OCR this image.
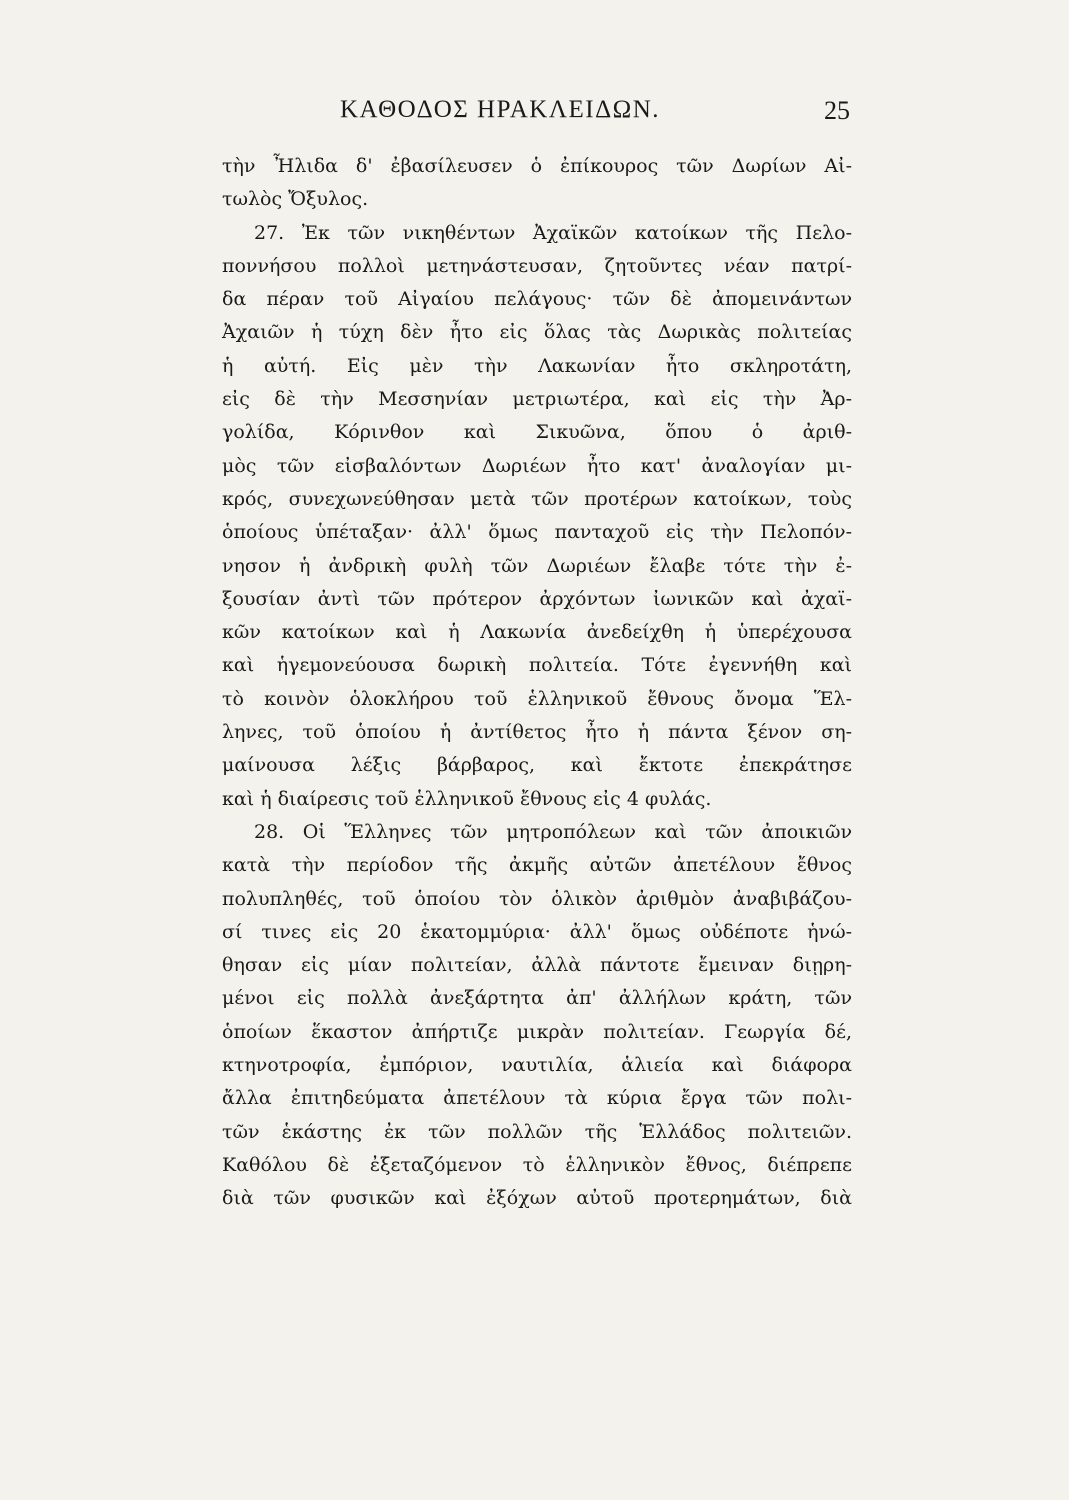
ΚΑΘΟΔΟΣ ΗΡΑΚΛΕΙΔΩΝ.	25
τὴν Ἦλιδα δ' ἐβασίλευσεν ὁ ἐπίκουρος τῶν Δωρίων Αἰ-
τωλὸς Ὄξυλος.
27. Ἐκ τῶν νικηθέντων Ἀχαϊκῶν κατοίκων τῆς Πελο-
ποννήσου πολλοὶ μετηνάστευσαν, ζητοῦντες νέαν πατρί-
δα πέραν τοῦ Αἰγαίου πελάγους· τῶν δὲ ἀπομεινάντων
Ἀχαιῶν ἡ τύχη δὲν ἦτο εἰς ὅλας τὰς Δωρικὰς πολιτείας
ἡ αὐτή. Εἰς μὲν τὴν Λακωνίαν ἦτο σκληροτάτη,
εἰς δὲ τὴν Μεσσηνίαν μετριωτέρα, καὶ εἰς τὴν Ἀρ-
γολίδα, Κόρινθον καὶ Σικυῶνα, ὅπου ὁ ἀριθ-
μὸς τῶν εἰσβαλόντων Δωριέων ἦτο κατ' ἀναλογίαν μι-
κρός, συνεχωνεύθησαν μετὰ τῶν προτέρων κατοίκων, τοὺς
ὁποίους ὑπέταξαν· ἀλλ' ὅμως πανταχοῦ εἰς τὴν Πελοπόν-
νησον ἡ ἀνδρικὴ φυλὴ τῶν Δωριέων ἔλαβε τότε τὴν ἐ-
ξουσίαν ἀντὶ τῶν πρότερον ἀρχόντων ἰωνικῶν καὶ ἀχαϊ-
κῶν κατοίκων καὶ ἡ Λακωνία ἀνεδείχθη ἡ ὑπερέχουσα
καὶ ἡγεμονεύουσα δωρικὴ πολιτεία. Τότε ἐγεννήθη καὶ
τὸ κοινὸν ὁλοκλήρου τοῦ ἑλληνικοῦ ἔθνους ὄνομα Ἕλ-
ληνες, τοῦ ὁποίου ἡ ἀντίθετος ἦτο ἡ πάντα ξένον ση-
μαίνουσα λέξις βάρβαρος, καὶ ἔκτοτε ἐπεκράτησε
καὶ ἡ διαίρεσις τοῦ ἑλληνικοῦ ἔθνους εἰς 4 φυλάς.
28. Οἱ Ἕλληνες τῶν μητροπόλεων καὶ τῶν ἀποικιῶν
κατὰ τὴν περίοδον τῆς ἀκμῆς αὐτῶν ἀπετέλουν ἔθνος
πολυπληθές, τοῦ ὁποίου τὸν ὁλικὸν ἀριθμὸν ἀναβιβάζου-
σί τινες εἰς 20 ἑκατομμύρια· ἀλλ' ὅμως οὐδέποτε ἡνώ-
θησαν εἰς μίαν πολιτείαν, ἀλλὰ πάντοτε ἔμειναν διῃρη-
μένοι εἰς πολλὰ ἀνεξάρτητα ἀπ' ἀλλήλων κράτη, τῶν
ὁποίων ἕκαστον ἀπήρτιζε μικρὰν πολιτείαν. Γεωργία δέ,
κτηνοτροφία, ἐμπόριον, ναυτιλία, ἁλιεία καὶ διάφορα
ἄλλα ἐπιτηδεύματα ἀπετέλουν τὰ κύρια ἔργα τῶν πολι-
τῶν ἑκάστης ἐκ τῶν πολλῶν τῆς Ἑλλάδος πολιτειῶν.
Καθόλου δὲ ἐξεταζόμενον τὸ ἑλληνικὸν ἔθνος, διέπρεπε
διὰ τῶν φυσικῶν καὶ ἐξόχων αὐτοῦ προτερημάτων, διὰ
